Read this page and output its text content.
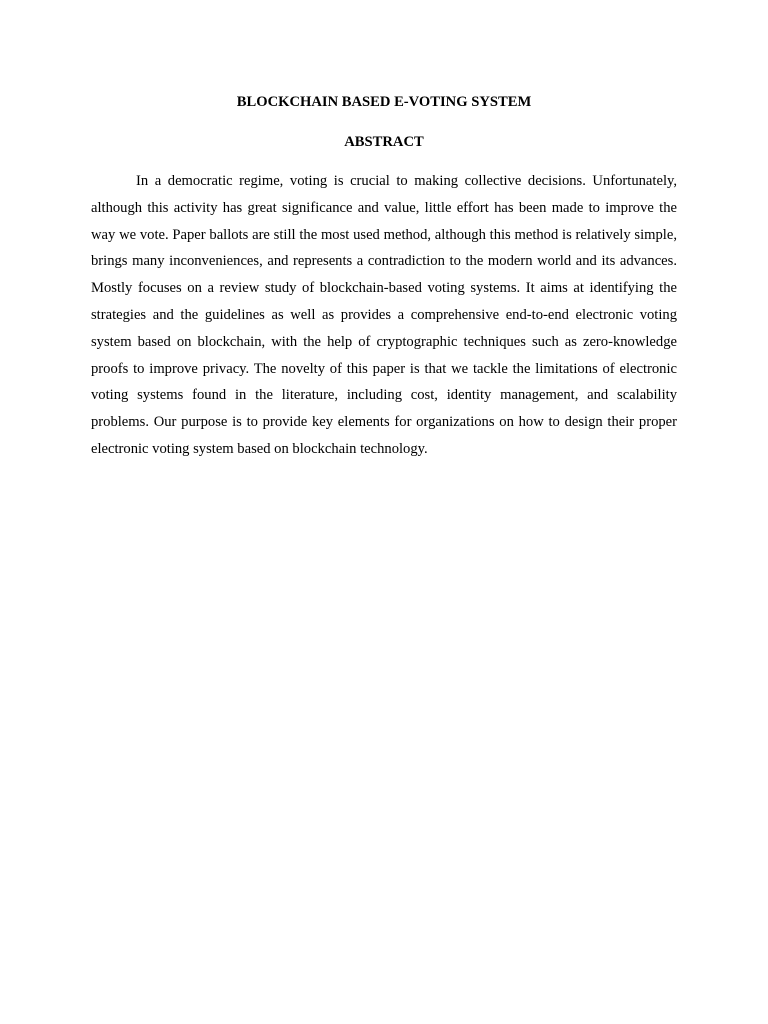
BLOCKCHAIN BASED E-VOTING SYSTEM
ABSTRACT

In a democratic regime, voting is crucial to making collective decisions. Unfortunately, although this activity has great significance and value, little effort has been made to improve the way we vote. Paper ballots are still the most used method, although this method is relatively simple, brings many inconveniences, and represents a contradiction to the modern world and its advances. Mostly focuses on a review study of blockchain-based voting systems. It aims at identifying the strategies and the guidelines as well as provides a comprehensive end-to-end electronic voting system based on blockchain, with the help of cryptographic techniques such as zero-knowledge proofs to improve privacy. The novelty of this paper is that we tackle the limitations of electronic voting systems found in the literature, including cost, identity management, and scalability problems. Our purpose is to provide key elements for organizations on how to design their proper electronic voting system based on blockchain technology.
